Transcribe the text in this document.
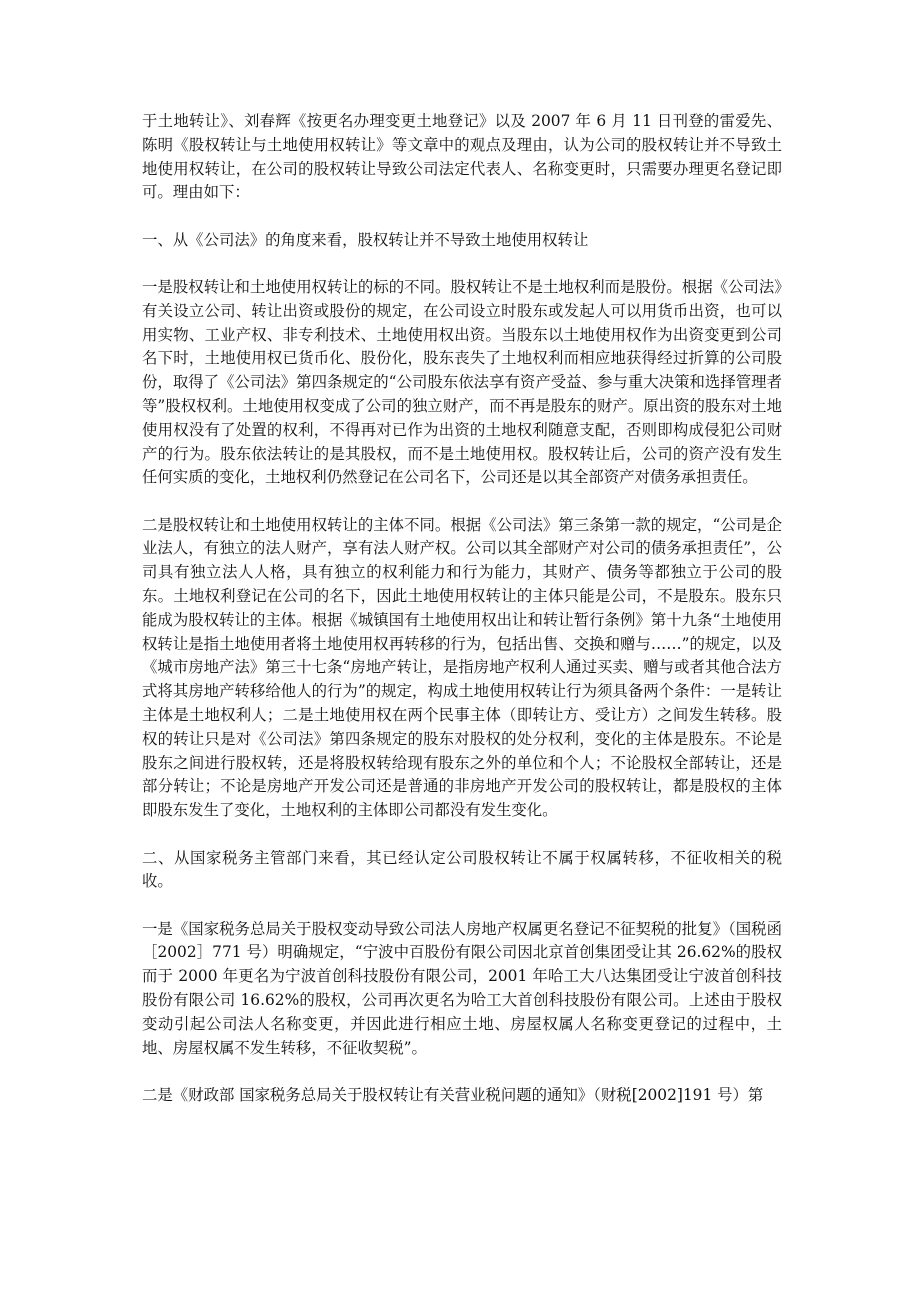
于土地转让》、刘春辉《按更名办理变更土地登记》以及 2007 年 6 月 11 日刊登的雷爱先、陈明《股权转让与土地使用权转让》等文章中的观点及理由，认为公司的股权转让并不导致土地使用权转让，在公司的股权转让导致公司法定代表人、名称变更时，只需要办理更名登记即可。理由如下：

一、从《公司法》的角度来看，股权转让并不导致土地使用权转让

一是股权转让和土地使用权转让的标的不同。股权转让不是土地权利而是股份。根据《公司法》有关设立公司、转让出资或股份的规定，在公司设立时股东或发起人可以用货币出资，也可以用实物、工业产权、非专利技术、土地使用权出资。当股东以土地使用权作为出资变更到公司名下时，土地使用权已货币化、股份化，股东丧失了土地权利而相应地获得经过折算的公司股份，取得了《公司法》第四条规定的“公司股东依法享有资产受益、参与重大决策和选择管理者等”股权权利。土地使用权变成了公司的独立财产，而不再是股东的财产。原出资的股东对土地使用权没有了处置的权利，不得再对已作为出资的土地权利随意支配，否则即构成侵犯公司财产的行为。股东依法转让的是其股权，而不是土地使用权。股权转让后，公司的资产没有发生任何实质的变化，土地权利仍然登记在公司名下，公司还是以其全部资产对债务承担责任。

二是股权转让和土地使用权转让的主体不同。根据《公司法》第三条第一款的规定，“公司是企业法人，有独立的法人财产，享有法人财产权。公司以其全部财产对公司的债务承担责任”，公司具有独立法人人格，具有独立的权利能力和行为能力，其财产、债务等都独立于公司的股东。土地权利登记在公司的名下，因此土地使用权转让的主体只能是公司，不是股东。股东只能成为股权转让的主体。根据《城镇国有土地使用权出让和转让暂行条例》第十九条“土地使用权转让是指土地使用者将土地使用权再转移的行为，包括出售、交换和赠与……”的规定，以及《城市房地产法》第三十七条“房地产转让，是指房地产权利人通过买卖、赠与或者其他合法方式将其房地产转移给他人的行为”的规定，构成土地使用权转让行为须具备两个条件：一是转让主体是土地权利人；二是土地使用权在两个民事主体（即转让方、受让方）之间发生转移。股权的转让只是对《公司法》第四条规定的股东对股权的处分权利，变化的主体是股东。不论是股东之间进行股权转，还是将股权转给现有股东之外的单位和个人；不论股权全部转让，还是部分转让；不论是房地产开发公司还是普通的非房地产开发公司的股权转让，都是股权的主体即股东发生了变化，土地权利的主体即公司都没有发生变化。

二、从国家税务主管部门来看，其已经认定公司股权转让不属于权属转移，不征收相关的税收。

一是《国家税务总局关于股权变动导致公司法人房地产权属更名登记不征契税的批复》（国税函［2002］771 号）明确规定，“宁波中百股份有限公司因北京首创集团受让其 26.62%的股权而于 2000 年更名为宁波首创科技股份有限公司，2001 年哈工大八达集团受让宁波首创科技股份有限公司 16.62%的股权，公司再次更名为哈工大首创科技股份有限公司。上述由于股权变动引起公司法人名称变更，并因此进行相应土地、房屋权属人名称变更登记的过程中，土地、房屋权属不发生转移，不征收契税”。

二是《财政部 国家税务总局关于股权转让有关营业税问题的通知》（财税[2002]191 号）第
